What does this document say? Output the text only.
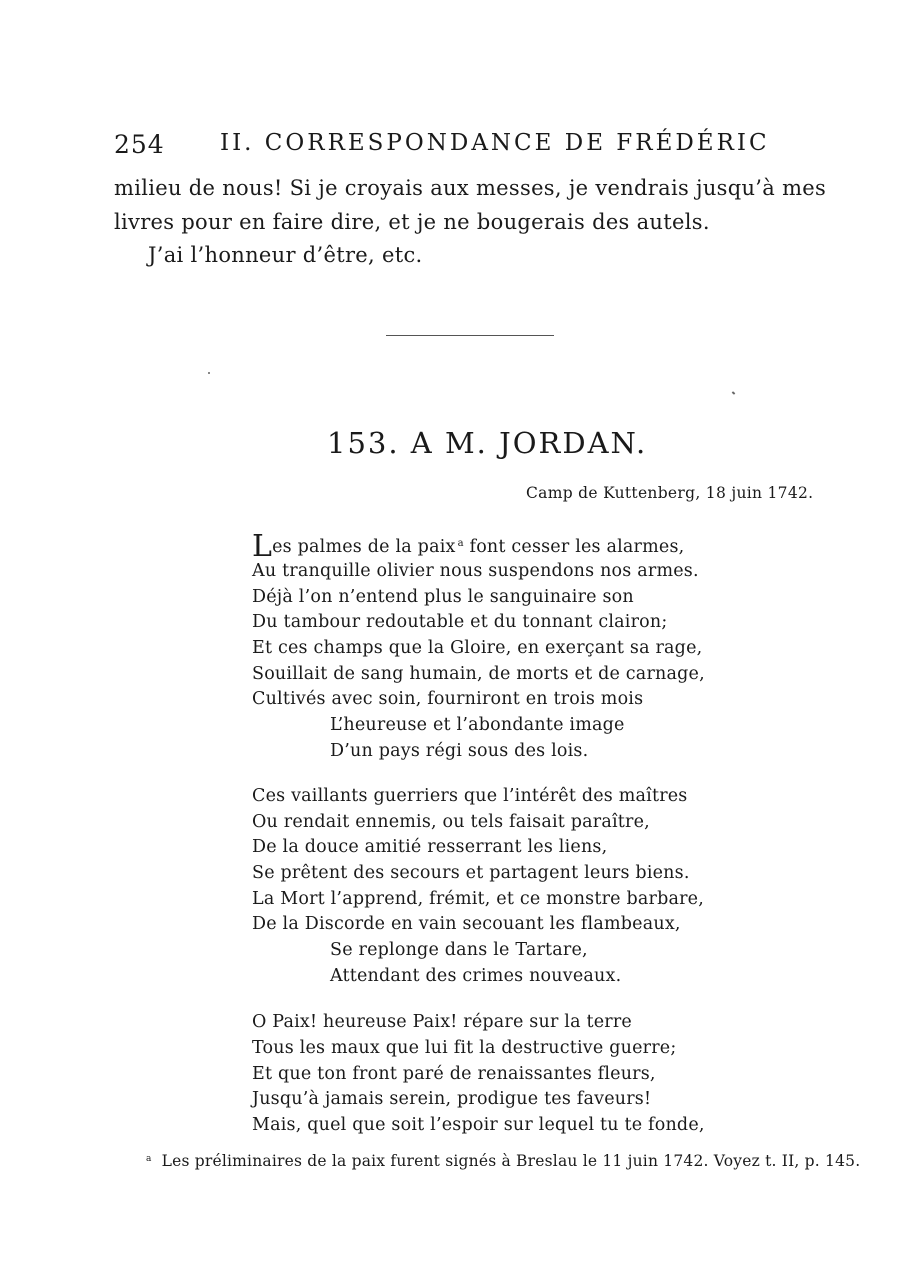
254 II. CORRESPONDANCE DE FRÉDÉRIC
milieu de nous! Si je croyais aux messes, je vendrais jusqu’à mes
livres pour en faire dire, et je ne bougerais des autels.
J’ai l’honneur d’être, etc.
153. A M. JORDAN.
Camp de Kuttenberg, 18 juin 1742.
Les palmes de la paix $^a$ font cesser les alarmes,
Au tranquille olivier nous suspendons nos armes.
Déjà l’on n’entend plus le sanguinaire son
Du tambour redoutable et du tonnant clairon;
Et ces champs que la Gloire, en exerçant sa rage,
Souillait de sang humain, de morts et de carnage,
Cultivés avec soin, fourniront en trois mois
L’heureuse et l’abondante image
D’un pays régi sous des lois.
Ces vaillants guerriers que l’intérêt des maîtres
Ou rendait ennemis, ou tels faisait paraître,
De la douce amitié resserrant les liens,
Se prêtent des secours et partagent leurs biens.
La Mort l’apprend, frémit, et ce monstre barbare,
De la Discorde en vain secouant les flambeaux,
Se replonge dans le Tartare,
Attendant des crimes nouveaux.
O Paix! heureuse Paix! répare sur la terre
Tous les maux que lui fit la destructive guerre;
Et que ton front paré de renaissantes fleurs,
Jusqu’à jamais serein, prodigue tes faveurs!
Mais, quel que soit l’espoir sur lequel tu te fonde,
$^a$ Les préliminaires de la paix furent signés à Breslau le 11 juin 1742. Voyez t. II, p. 145.
